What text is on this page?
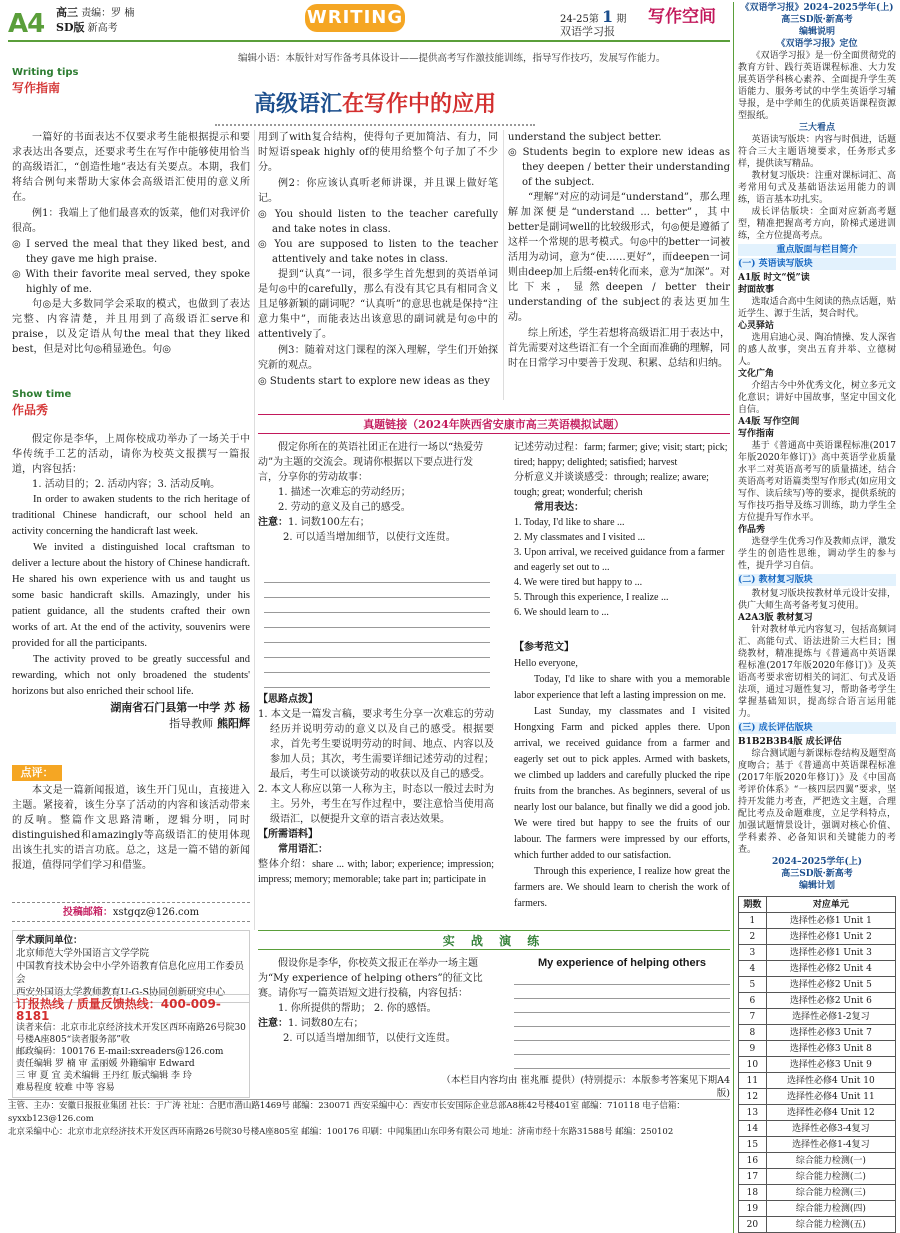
A4 高三 责编：罗 楠
SD版 新高考
WRITING	24-25第 1 期
双语学习报
写作空间
编辑小语：本版针对写作备考具体设计——提供高考写作激技能训练，指导写作技巧，发展写作能力。
Writing tips
写作指南
高级语汇在写作中的应用

一篇好的书面表达不仅要求考生能根据提示和要求表达出各要点，还要求考生在写作中能够使用恰当的高级语汇，“创造性地”表达有关要点。本期，我们将结合例句来帮助大家体会高级语汇使用的意义所在。

例1：我端上了他们最喜欢的饭菜，他们对我评价很高。

◎ I served the meal that they liked best, and they gave me high praise.
◎ With their favorite meal served, they spoke highly of me.

句◎是大多数同学会采取的模式，也做到了表达完整、内容清楚，并且用到了高级语汇serve和praise，以及定语从句the meal that they liked best，但是对比句◎稍显逊色。句◎

用到了with复合结构，使得句子更加简洁、有力，同时短语speak highly of的使用给整个句子加了不少分。

例2：你应该认真听老师讲课，并且课上做好笔记。

◎ You should listen to the teacher carefully and take notes in class.
◎ You are supposed to listen to the teacher attentively and take notes in class.

提到“认真”一词，很多学生首先想到的英语单词是句◎中的carefully，那么有没有其它具有相同含义且足够新颖的副词呢？“认真听”的意思也就是保持“注意力集中”，而能表达出该意思的副词就是句◎中的attentively了。

例3：随着对这门课程的深入理解，学生们开始探究新的观点。

◎ Students start to explore new ideas as they
understand the subject better.
◎ Students begin to explore new ideas as they deepen / better their understanding of the subject.

“理解”对应的动词是“understand”，那么理解加深便是“understand ... better”，其中better是副词well的比较级形式，句◎便是遵循了这样一个常规的思考模式。句◎中的better一词被活用为动词，意为“使……更好”，而deepen一词则由deep加上后缀-en转化而来，意为“加深”。对比下来，显然deepen / better their understanding of the subject的表达更加生动。

综上所述，学生若想将高级语汇用于表达中，首先需要对这些语汇有一个全面而准确的理解，同时在日常学习中要善于发现、积累、总结和归纳。

Show time
作品秀

假定你是李华，上周你校成功举办了一场关于中华传统手工艺的活动，请你为校英文报撰写一篇报道，内容包括：

1. 活动目的；2. 活动内容；3. 活动反响。

In order to awaken students to the rich heritage of traditional Chinese handicraft, our school held an activity concerning the handicraft last week.

We invited a distinguished local craftsman to deliver a lecture about the history of Chinese handicraft. He shared his own experience with us and taught us some basic handicraft skills. Amazingly, under his patient guidance, all the students crafted their own works of art. At the end of the activity, souvenirs were provided for all the participants.

The activity proved to be greatly successful and rewarding, which not only broadened the students' horizons but also enriched their school life.

湖南省石门县第一中学 苏 杨
指导教师 熊阳辉
点评：
本文是一篇新闻报道，该生开门见山，直接进入主题。紧接着，该生分享了活动的内容和该活动带来的反响。整篇作文思路清晰，逻辑分明，同时distinguished和amazingly等高级语汇的使用体现出该生扎实的语言功底。总之，这是一篇不错的新闻报道，值得同学们学习和借鉴。
投稿邮箱：xstgqz@126.com
学术顾问单位：
北京师范大学外国语言文学学院
中国教育技术协会中小学外语教育信息化应用工作委员会
西安外国语大学教师教育U-G-S协同创新研究中心
订报热线 / 质量反馈热线：400-009-8181
读者来信：北京市北京经济技术开发区西环南路26号院30号楼A座805“读者服务部”收
邮政编码：100176 E-mail:sxreaders@126.com
责任编辑 罗 楠 审 孟丽媛 外籍编审 Edward
三 审 夏 宜 美术编辑 王丹红 版式编辑 李 玲
难易程度 较难 中等 容易
真题链接（2024年陕西省安康市高三英语模拟试题）
假定你所在的英语社团正在进行一场以“热爱劳动”为主题的交流会。现请你根据以下要点进行发言，分享你的劳动故事：
1. 描述一次难忘的劳动经历；
2. 劳动的意义及自己的感受。
注意：1. 词数100左右；
2. 可以适当增加细节，以使行文连贯。
【思路点拨】
1. 本文是一篇发言稿，要求考生分享一次难忘的劳动经历并说明劳动的意义以及自己的感受。根据要求，首先考生要说明劳动的时间、地点、内容以及参加人员；其次，考生需要详细记述劳动的过程；最后，考生可以谈谈劳动的收获以及自己的感受。
2. 本文人称应以第一人称为主，时态以一般过去时为主。另外，考生在写作过程中，要注意恰当使用高级语汇，以便提升文章的语言表达效果。
【所需语料】
常用语汇：
整体介绍：share ... with; labor; experience; impression; impress; memory; memorable; take part in; participate in

记述劳动过程：farm; farmer; give; visit; start; pick; tired; happy; delighted; satisfied; harvest

分析意义并谈谈感受：through; realize; aware; tough; great; wonderful; cherish

常用表达：

1. Today, I'd like to share ...

2. My classmates and I visited ...

3. Upon arrival, we received guidance from a farmer and eagerly set out to ...

4. We were tired but happy to ...

5. Through this experience, I realize ...

6. We should learn to ...

【参考范文】
Hello everyone,

Today, I'd like to share with you a memorable labor experience that left a lasting impression on me.

Last Sunday, my classmates and I visited Hongxing Farm and picked apples there. Upon arrival, we received guidance from a farmer and eagerly set out to pick apples. Armed with baskets, we climbed up ladders and carefully plucked the ripe fruits from the branches. As beginners, several of us nearly lost our balance, but finally we did a good job. We were tired but happy to see the fruits of our labour. The farmers were impressed by our efforts, which further added to our satisfaction.

Through this experience, I realize how great the farmers are. We should learn to cherish the work of farmers.

实 战 演 练
假设你是李华，你校英文报正在举办一场主题为“My experience of helping others”的征文比赛。请你写一篇英语短文进行投稿，内容包括：
1. 你所提供的帮助； 2. 你的感悟。
注意：1. 词数80左右；
2. 可以适当增加细节，以使行文连贯。
My experience of helping others
（本栏目内容均由 崔兆雁 提供）(特别提示：本版参考答案见下期A4版)
主管、主办：安徽日报报业集团 社长：于广涛 社址：合肥市潜山路1469号 邮编：230071 西安采编中心：西安市长安国际企业总部A8栋42号楼401室 邮编：710118 电子信箱：syxxb123@126.com
北京采编中心：北京市北京经济技术开发区西环南路26号院30号楼A座805室 邮编：100176 印刷：中闻集团山东印务有限公司 地址：济南市经十东路31588号 邮编：250102
《双语学习报》2024–2025学年(上)
高三SD版·新高考
编辑说明
《双语学习报》定位

《双语学习报》是一份全面贯彻党的教育方针、践行英语课程标准、大力发展英语学科核心素养、全面提升学生英语能力、服务考试的中学生英语学习辅导报，是中学师生的优质英语课程资源型报纸。

三大看点

英语读写版块：内容与时俱进，话题符合三大主题语境要求，任务形式多样，提供读写精品。

教材复习版块：注重对课标词汇、高考常用句式及基础语法运用能力的训练，语言基本功扎实。

成长评估版块：全面对应新高考题型，精准把握高考方向，阶梯式递进训练，全方位提高考点。

重点版面与栏目简介
(一) 英语读写版块
A1版 时文“悦”读
封面故事

选取适合高中生阅读的热点话题，贴近学生、源于生活，契合时代。

心灵驿站

选用启迪心灵、陶冶情操、发人深省的感人故事，突出五育并举、立德树人。

文化广角

介绍古今中外优秀文化，树立多元文化意识；讲好中国故事，坚定中国文化自信。

A4版 写作空间
写作指南

基于《普通高中英语课程标准(2017年版2020年修订)》高中英语学业质量水平二对英语高考写的质量描述，结合英语高考对语篇类型写作形式(如应用文写作、读后续写)等的要求，提供系统的写作技巧指导及练习训练，助力学生全方位提升写作水平。

作品秀

选登学生优秀习作及教师点评，激发学生的创造性思维，调动学生的参与性，提升学习自信。

(二) 教材复习版块

教材复习版块按教材单元设计安排，供广大师生高考备考复习使用。

A2A3版 教材复习

针对教材单元内容复习，包括高频词汇、高能句式、语法进阶三大栏目；围绕教材，精准提炼与《普通高中英语课程标准(2017年版2020年修订)》及英语高考要求密切相关的词汇、句式及语法项，通过习题性复习，帮助备考学生掌握基础知识，提高综合语言运用能力。

(三) 成长评估版块
B1B2B3B4版 成长评估

综合测试题与新课标卷结构及题型高度吻合；基于《普通高中英语课程标准(2017年版2020年修订)》及《中国高考评价体系》“一核四层四翼”要求，坚持开发能力考查，严把选文主题，合理配比考点及命题难度，立足学科特点，加强试题情景设计，强调对核心价值、学科素养、必备知识和关键能力的考查。

2024–2025学年(上)
高三SD版·新高考
编辑计划
期数	对应单元
1	选择性必修1 Unit 1
2	选择性必修1 Unit 2
3	选择性必修1 Unit 3
4	选择性必修2 Unit 4
5	选择性必修2 Unit 5
6	选择性必修2 Unit 6
7	选择性必修1-2复习
8	选择性必修3 Unit 7
9	选择性必修3 Unit 8
10	选择性必修3 Unit 9
11	选择性必修4 Unit 10
12	选择性必修4 Unit 11
13	选择性必修4 Unit 12
14	选择性必修3-4复习
15	选择性必修1-4复习
16	综合能力检测(一)
17	综合能力检测(二)
18	综合能力检测(三)
19	综合能力检测(四)
20	综合能力检测(五)
